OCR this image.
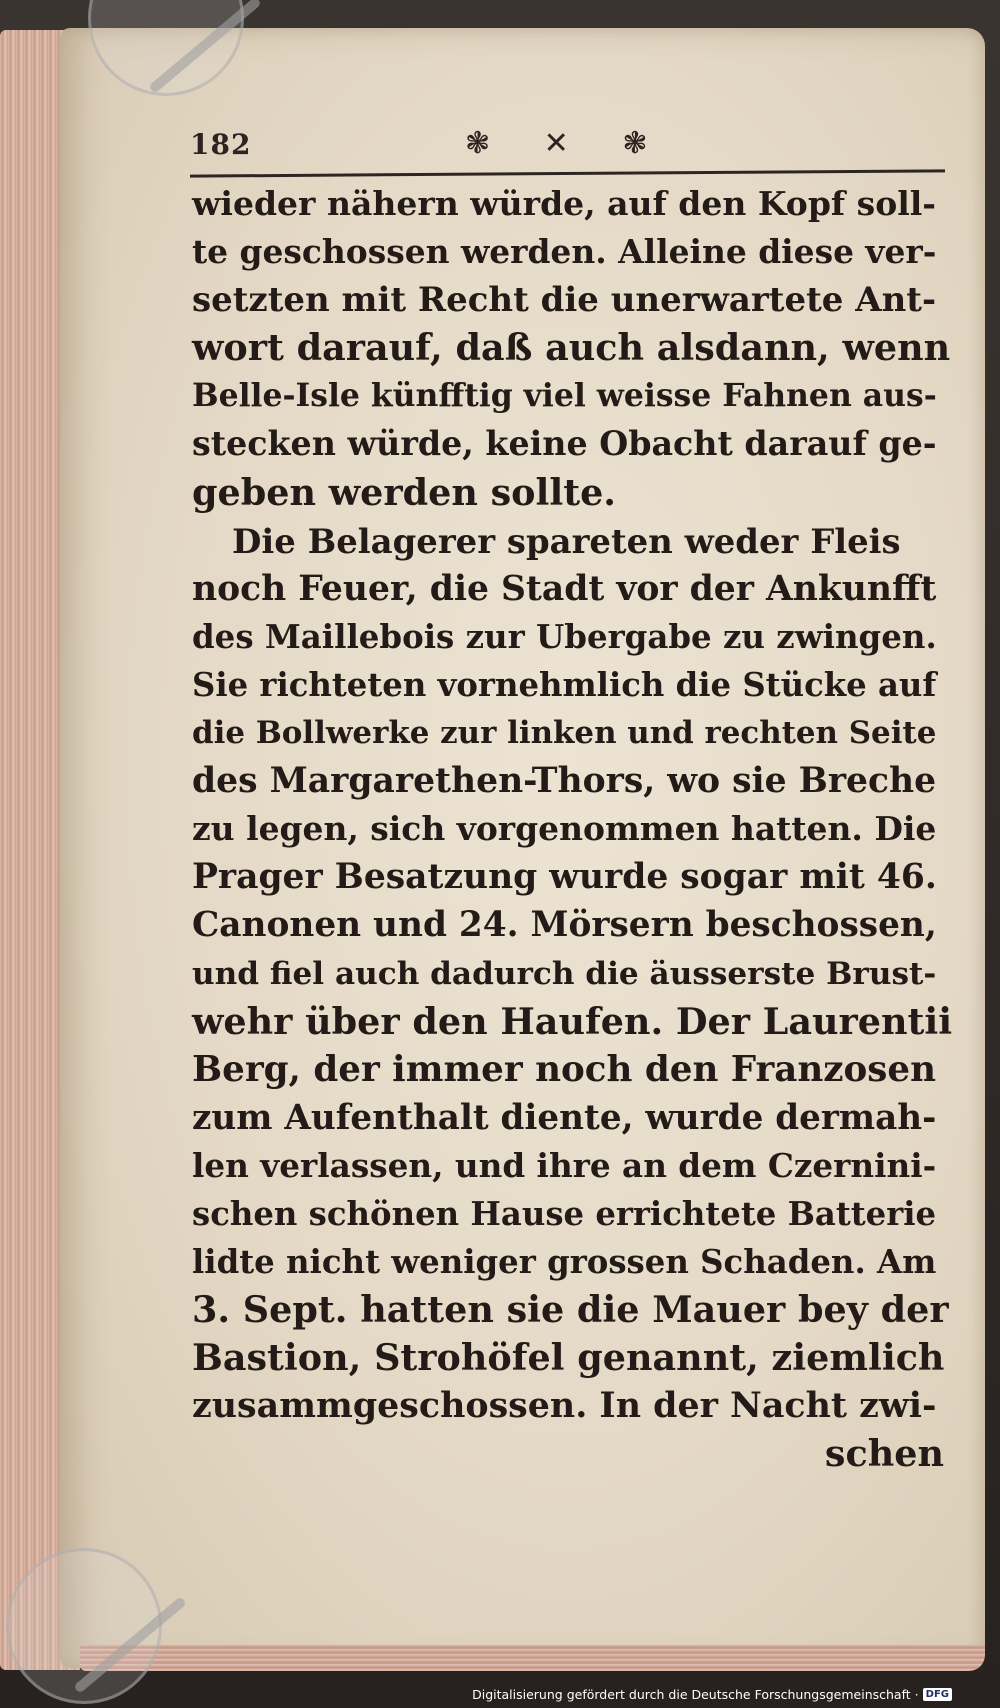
182	❃ ✕ ❃
wieder nähern würde, auf den Kopf soll-
te geschossen werden. Alleine diese ver-
setzten mit Recht die unerwartete Ant-
wort darauf, daß auch alsdann, wenn
Belle-Isle künfftig viel weisse Fahnen aus-
stecken würde, keine Obacht darauf ge-
geben werden sollte.
Die Belagerer spareten weder Fleis
noch Feuer, die Stadt vor der Ankunfft
des Maillebois zur Ubergabe zu zwingen.
Sie richteten vornehmlich die Stücke auf
die Bollwerke zur linken und rechten Seite
des Margarethen-Thors, wo sie Breche
zu legen, sich vorgenommen hatten. Die
Prager Besatzung wurde sogar mit 46.
Canonen und 24. Mörsern beschossen,
und fiel auch dadurch die äusserste Brust-
wehr über den Haufen. Der Laurentii
Berg, der immer noch den Franzosen
zum Aufenthalt diente, wurde dermah-
len verlassen, und ihre an dem Czernini-
schen schönen Hause errichtete Batterie
lidte nicht weniger grossen Schaden. Am
3. Sept. hatten sie die Mauer bey der
Bastion, Strohöfel genannt, ziemlich
zusammgeschossen. In der Nacht zwi-
schen
Digitalisierung gefördert durch die Deutsche Forschungsgemeinschaft · DFG
